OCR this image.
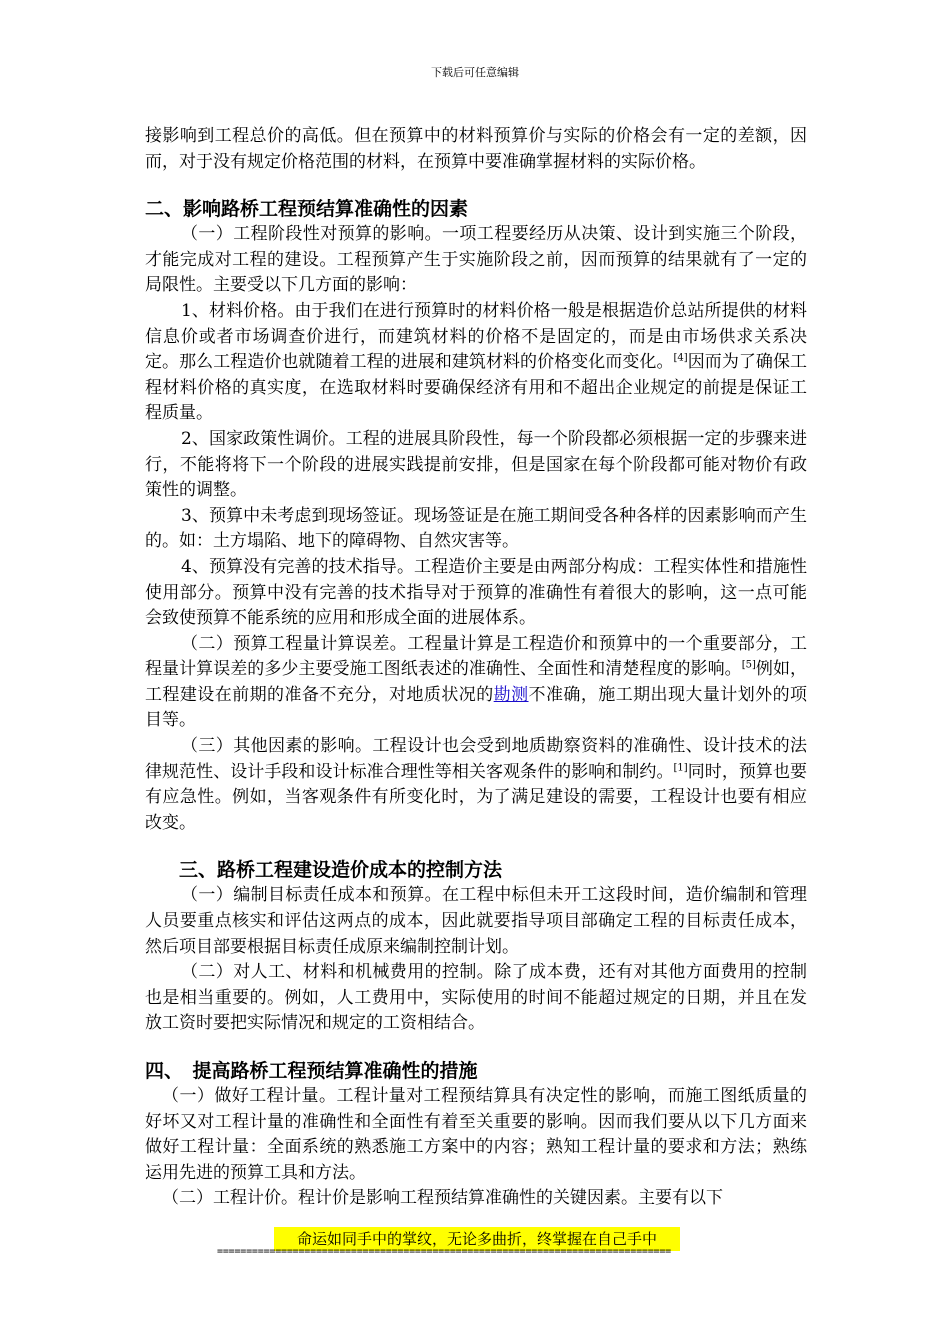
下载后可任意编辑

接影响到工程总价的高低。但在预算中的材料预算价与实际的价格会有一定的差额，因而，对于没有规定价格范围的材料，在预算中要准确掌握材料的实际价格。

二、影响路桥工程预结算准确性的因素

（一）工程阶段性对预算的影响。一项工程要经历从决策、设计到实施三个阶段，才能完成对工程的建设。工程预算产生于实施阶段之前，因而预算的结果就有了一定的局限性。主要受以下几方面的影响：

1、材料价格。由于我们在进行预算时的材料价格一般是根据造价总站所提供的材料信息价或者市场调查价进行，而建筑材料的价格不是固定的，而是由市场供求关系决定。那么工程造价也就随着工程的进展和建筑材料的价格变化而变化。[4]因而为了确保工程材料价格的真实度，在选取材料时要确保经济有用和不超出企业规定的前提是保证工程质量。

2、国家政策性调价。工程的进展具阶段性，每一个阶段都必须根据一定的步骤来进行，不能将将下一个阶段的进展实践提前安排，但是国家在每个阶段都可能对物价有政策性的调整。

3、预算中未考虑到现场签证。现场签证是在施工期间受各种各样的因素影响而产生的。如：土方塌陷、地下的障碍物、自然灾害等。

4、预算没有完善的技术指导。工程造价主要是由两部分构成：工程实体性和措施性使用部分。预算中没有完善的技术指导对于预算的准确性有着很大的影响，这一点可能会致使预算不能系统的应用和形成全面的进展体系。

（二）预算工程量计算误差。工程量计算是工程造价和预算中的一个重要部分，工程量计算误差的多少主要受施工图纸表述的准确性、全面性和清楚程度的影响。[5]例如，工程建设在前期的准备不充分，对地质状况的勘测不准确，施工期出现大量计划外的项目等。

（三）其他因素的影响。工程设计也会受到地质勘察资料的准确性、设计技术的法律规范性、设计手段和设计标准合理性等相关客观条件的影响和制约。[1]同时，预算也要有应急性。例如，当客观条件有所变化时，为了满足建设的需要，工程设计也要有相应改变。

三、路桥工程建设造价成本的控制方法

（一）编制目标责任成本和预算。在工程中标但未开工这段时间，造价编制和管理人员要重点核实和评估这两点的成本，因此就要指导项目部确定工程的目标责任成本，然后项目部要根据目标责任成原来编制控制计划。

（二）对人工、材料和机械费用的控制。除了成本费，还有对其他方面费用的控制也是相当重要的。例如，人工费用中，实际使用的时间不能超过规定的日期，并且在发放工资时要把实际情况和规定的工资相结合。

四、　提高路桥工程预结算准确性的措施

（一）做好工程计量。工程计量对工程预结算具有决定性的影响，而施工图纸质量的好坏又对工程计量的准确性和全面性有着至关重要的影响。因而我们要从以下几方面来做好工程计量：全面系统的熟悉施工方案中的内容；熟知工程计量的要求和方法；熟练运用先进的预算工具和方法。

（二）工程计价。程计价是影响工程预结算准确性的关键因素。主要有以下

命运如同手中的掌纹，无论多曲折，终掌握在自己手中
==============================================================================
